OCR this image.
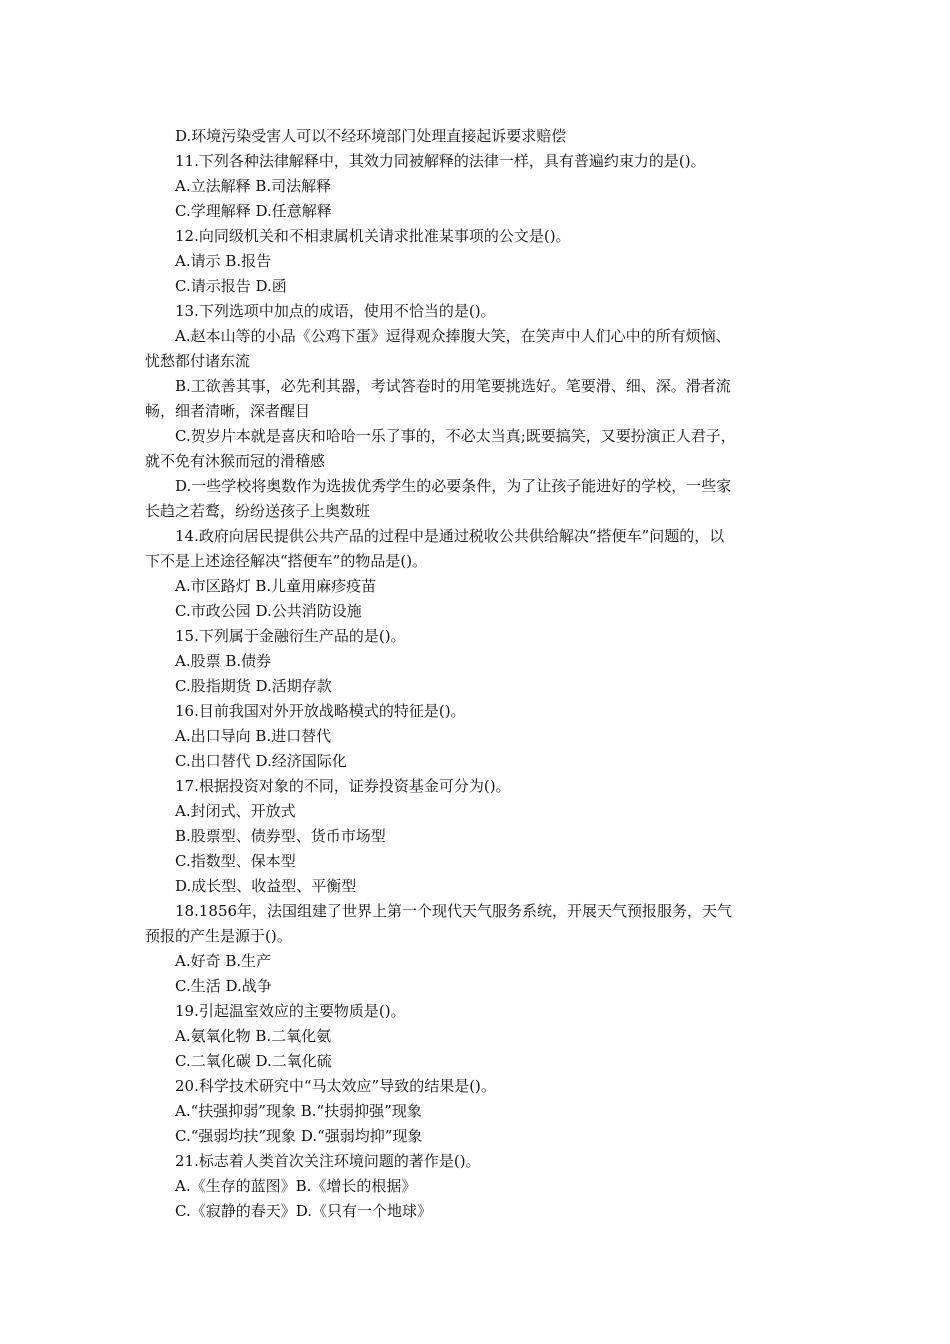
D.环境污染受害人可以不经环境部门处理直接起诉要求赔偿
11.下列各种法律解释中，其效力同被解释的法律一样，具有普遍约束力的是()。
A.立法解释 B.司法解释
C.学理解释 D.任意解释
12.向同级机关和不相隶属机关请求批准某事项的公文是()。
A.请示 B.报告
C.请示报告 D.函
13.下列选项中加点的成语，使用不恰当的是()。
A.赵本山等的小品《公鸡下蛋》逗得观众捧腹大笑，在笑声中人们心中的所有烦恼、
忧愁都付诸东流
B.工欲善其事，必先利其器，考试答卷时的用笔要挑选好。笔要滑、细、深。滑者流
畅，细者清晰，深者醒目
C.贺岁片本就是喜庆和哈哈一乐了事的，不必太当真;既要搞笑，又要扮演正人君子，
就不免有沐猴而冠的滑稽感
D.一些学校将奥数作为选拔优秀学生的必要条件，为了让孩子能进好的学校，一些家
长趋之若鹜，纷纷送孩子上奥数班
14.政府向居民提供公共产品的过程中是通过税收公共供给解决“搭便车”问题的，以
下不是上述途径解决“搭便车”的物品是()。
A.市区路灯 B.儿童用麻疹疫苗
C.市政公园 D.公共消防设施
15.下列属于金融衍生产品的是()。
A.股票 B.债券
C.股指期货 D.活期存款
16.目前我国对外开放战略模式的特征是()。
A.出口导向 B.进口替代
C.出口替代 D.经济国际化
17.根据投资对象的不同，证券投资基金可分为()。
A.封闭式、开放式
B.股票型、债券型、货币市场型
C.指数型、保本型
D.成长型、收益型、平衡型
18.1856年，法国组建了世界上第一个现代天气服务系统，开展天气预报服务，天气
预报的产生是源于()。
A.好奇 B.生产
C.生活 D.战争
19.引起温室效应的主要物质是()。
A.氨氧化物 B.二氧化氨
C.二氧化碳 D.二氧化硫
20.科学技术研究中“马太效应”导致的结果是()。
A.“扶强抑弱”现象 B.“扶弱抑强”现象
C.“强弱均扶”现象 D.“强弱均抑”现象
21.标志着人类首次关注环境问题的著作是()。
A.《生存的蓝图》B.《增长的根据》
C.《寂静的春天》D.《只有一个地球》
